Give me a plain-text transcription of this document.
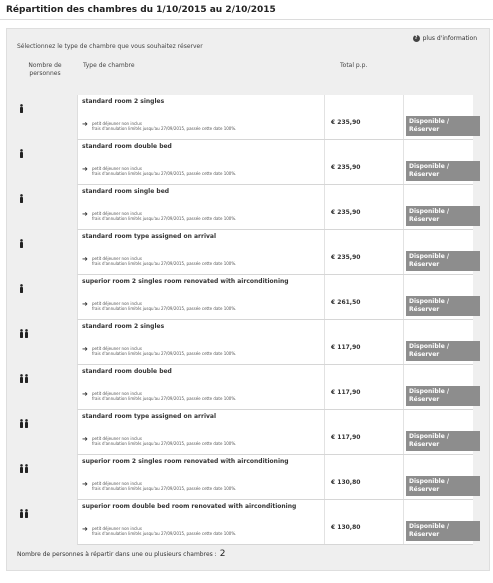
Répartition des chambres du 1/10/2015 au 2/10/2015
? plus d'information
Sélectionnez le type de chambre que vous souhaitez réserver
Nombre de personnes
Type de chambre	Total p.p.
standard room 2 singles
➜ petit déjeuner non inclus
frais d'annulation limités jusqu'au 27/09/2015, passée cette date 100%.
€ 235,90	Disponible / Réserver
standard room double bed
➜ petit déjeuner non inclus
frais d'annulation limités jusqu'au 27/09/2015, passée cette date 100%.
€ 235,90	Disponible / Réserver
standard room single bed
➜ petit déjeuner non inclus
frais d'annulation limités jusqu'au 27/09/2015, passée cette date 100%.
€ 235,90	Disponible / Réserver
standard room type assigned on arrival
➜ petit déjeuner non inclus
frais d'annulation limités jusqu'au 27/09/2015, passée cette date 100%.
€ 235,90	Disponible / Réserver
superior room 2 singles room renovated with airconditioning
➜ petit déjeuner non inclus
frais d'annulation limités jusqu'au 27/09/2015, passée cette date 100%.
€ 261,50	Disponible / Réserver
standard room 2 singles
➜ petit déjeuner non inclus
frais d'annulation limités jusqu'au 27/09/2015, passée cette date 100%.
€ 117,90	Disponible / Réserver
standard room double bed
➜ petit déjeuner non inclus
frais d'annulation limités jusqu'au 27/09/2015, passée cette date 100%.
€ 117,90	Disponible / Réserver
standard room type assigned on arrival
➜ petit déjeuner non inclus
frais d'annulation limités jusqu'au 27/09/2015, passée cette date 100%.
€ 117,90	Disponible / Réserver
superior room 2 singles room renovated with airconditioning
➜ petit déjeuner non inclus
frais d'annulation limités jusqu'au 27/09/2015, passée cette date 100%.
€ 130,80	Disponible / Réserver
superior room double bed room renovated with airconditioning
➜ petit déjeuner non inclus
frais d'annulation limités jusqu'au 27/09/2015, passée cette date 100%.
€ 130,80	Disponible / Réserver
Nombre de personnes à répartir dans une ou plusieurs chambres : 2
